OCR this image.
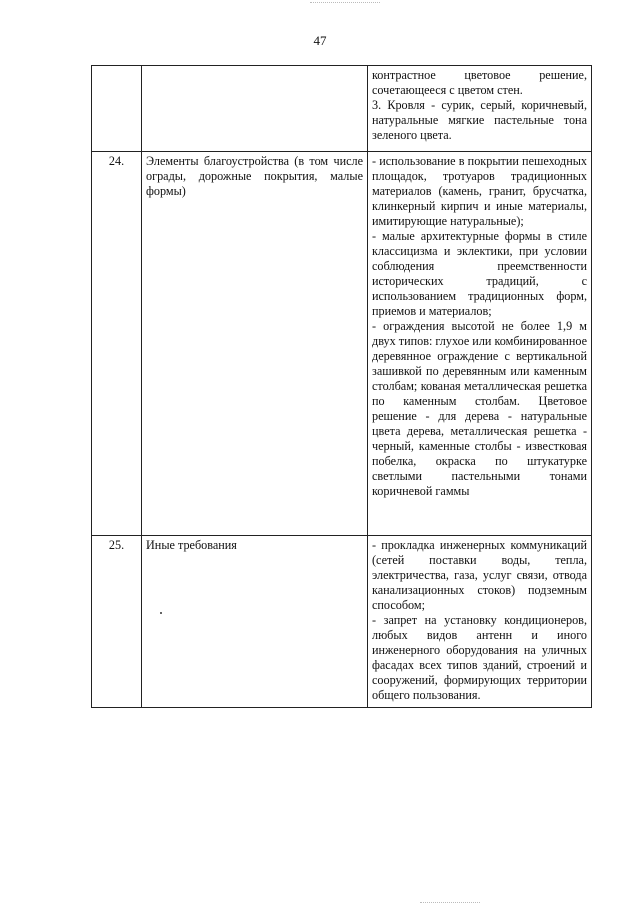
47

		контрастное цветовое решение, сочетающееся с цветом стен.
3. Кровля - сурик, серый, коричневый, натуральные мягкие пастельные тона зеленого цвета.

24.	Элементы благоустройства (в том числе ограды, дорожные покрытия, малые формы)	- использование в покрытии пешеходных площадок, тротуаров традиционных материалов (камень, гранит, брусчатка, клинкерный кирпич и иные материалы, имитирующие натуральные);
- малые архитектурные формы в стиле классицизма и эклектики, при условии соблюдения преемственности исторических традиций, с использованием традиционных форм, приемов и материалов;
- ограждения высотой не более 1,9 м двух типов: глухое или комбинированное деревянное ограждение с вертикальной зашивкой по деревянным или каменным столбам; кованая металлическая решетка по каменным столбам. Цветовое решение - для дерева - натуральные цвета дерева, металлическая решетка - черный, каменные столбы - известковая побелка, окраска по штукатурке светлыми пастельными тонами коричневой гаммы

25.	Иные требования	- прокладка инженерных коммуникаций (сетей поставки воды, тепла, электричества, газа, услуг связи, отвода канализационных стоков) подземным способом;
- запрет на установку кондиционеров, любых видов антенн и иного инженерного оборудования на уличных фасадах всех типов зданий, строений и сооружений, формирующих территории общего пользования.
